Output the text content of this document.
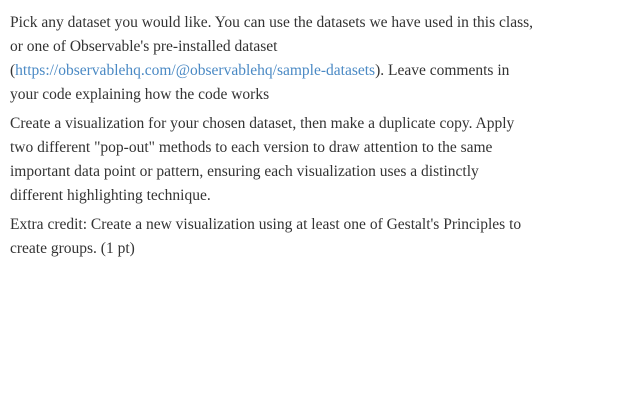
Pick any dataset you would like. You can use the datasets we have used in this class,
or one of Observable's pre-installed dataset
(https://observablehq.com/@observablehq/sample-datasets). Leave comments in
your code explaining how the code works
Create a visualization for your chosen dataset, then make a duplicate copy. Apply
two different "pop-out" methods to each version to draw attention to the same
important data point or pattern, ensuring each visualization uses a distinctly
different highlighting technique.
Extra credit: Create a new visualization using at least one of Gestalt's Principles to
create groups. (1 pt)
